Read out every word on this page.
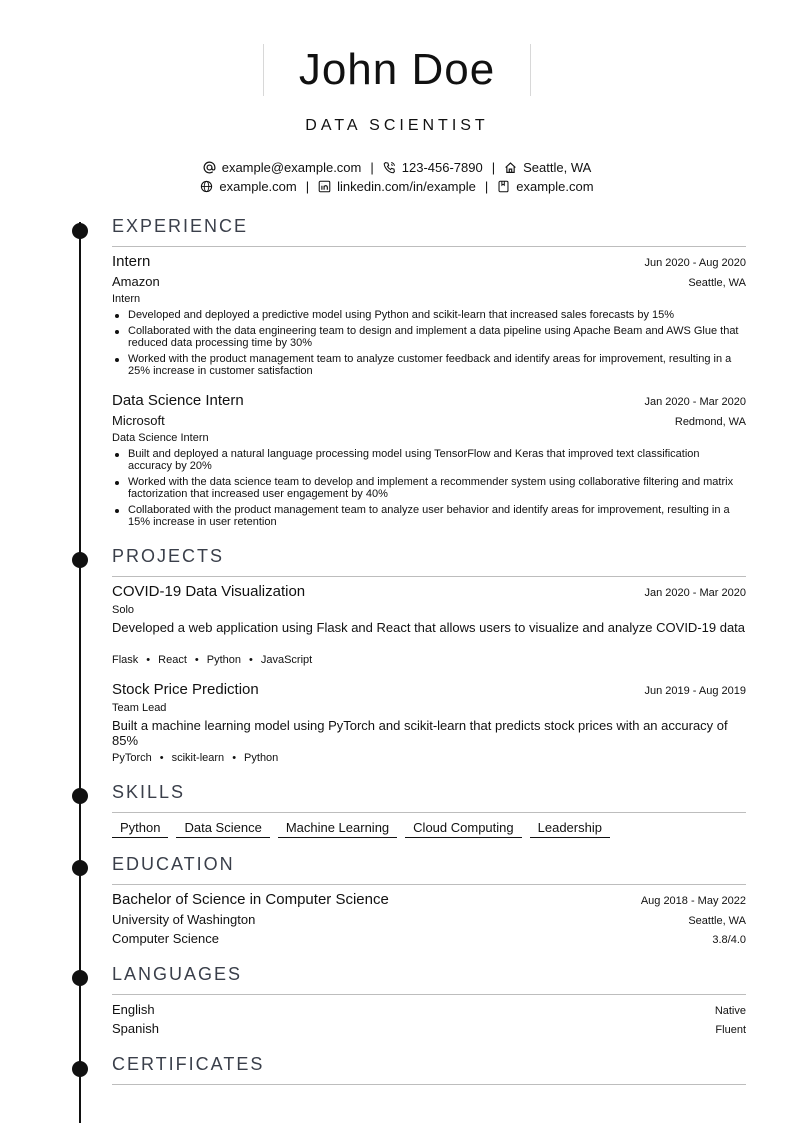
John Doe
DATA SCIENTIST
example@example.com | 123-456-7890 | Seattle, WA
example.com | linkedin.com/in/example | example.com
EXPERIENCE
Intern	Jun 2020 - Aug 2020
Amazon	Seattle, WA
Intern
Developed and deployed a predictive model using Python and scikit-learn that increased sales forecasts by 15%
Collaborated with the data engineering team to design and implement a data pipeline using Apache Beam and AWS Glue that reduced data processing time by 30%
Worked with the product management team to analyze customer feedback and identify areas for improvement, resulting in a 25% increase in customer satisfaction
Data Science Intern	Jan 2020 - Mar 2020
Microsoft	Redmond, WA
Data Science Intern
Built and deployed a natural language processing model using TensorFlow and Keras that improved text classification accuracy by 20%
Worked with the data science team to develop and implement a recommender system using collaborative filtering and matrix factorization that increased user engagement by 40%
Collaborated with the product management team to analyze user behavior and identify areas for improvement, resulting in a 15% increase in user retention
PROJECTS
COVID-19 Data Visualization	Jan 2020 - Mar 2020
Solo
Developed a web application using Flask and React that allows users to visualize and analyze COVID-19 data
Flask • React • Python • JavaScript
Stock Price Prediction	Jun 2019 - Aug 2019
Team Lead
Built a machine learning model using PyTorch and scikit-learn that predicts stock prices with an accuracy of 85%
PyTorch • scikit-learn • Python
SKILLS
Python	Data Science	Machine Learning	Cloud Computing	Leadership
EDUCATION
Bachelor of Science in Computer Science	Aug 2018 - May 2022
University of Washington	Seattle, WA
Computer Science	3.8/4.0
LANGUAGES
English	Native
Spanish	Fluent
CERTIFICATES
